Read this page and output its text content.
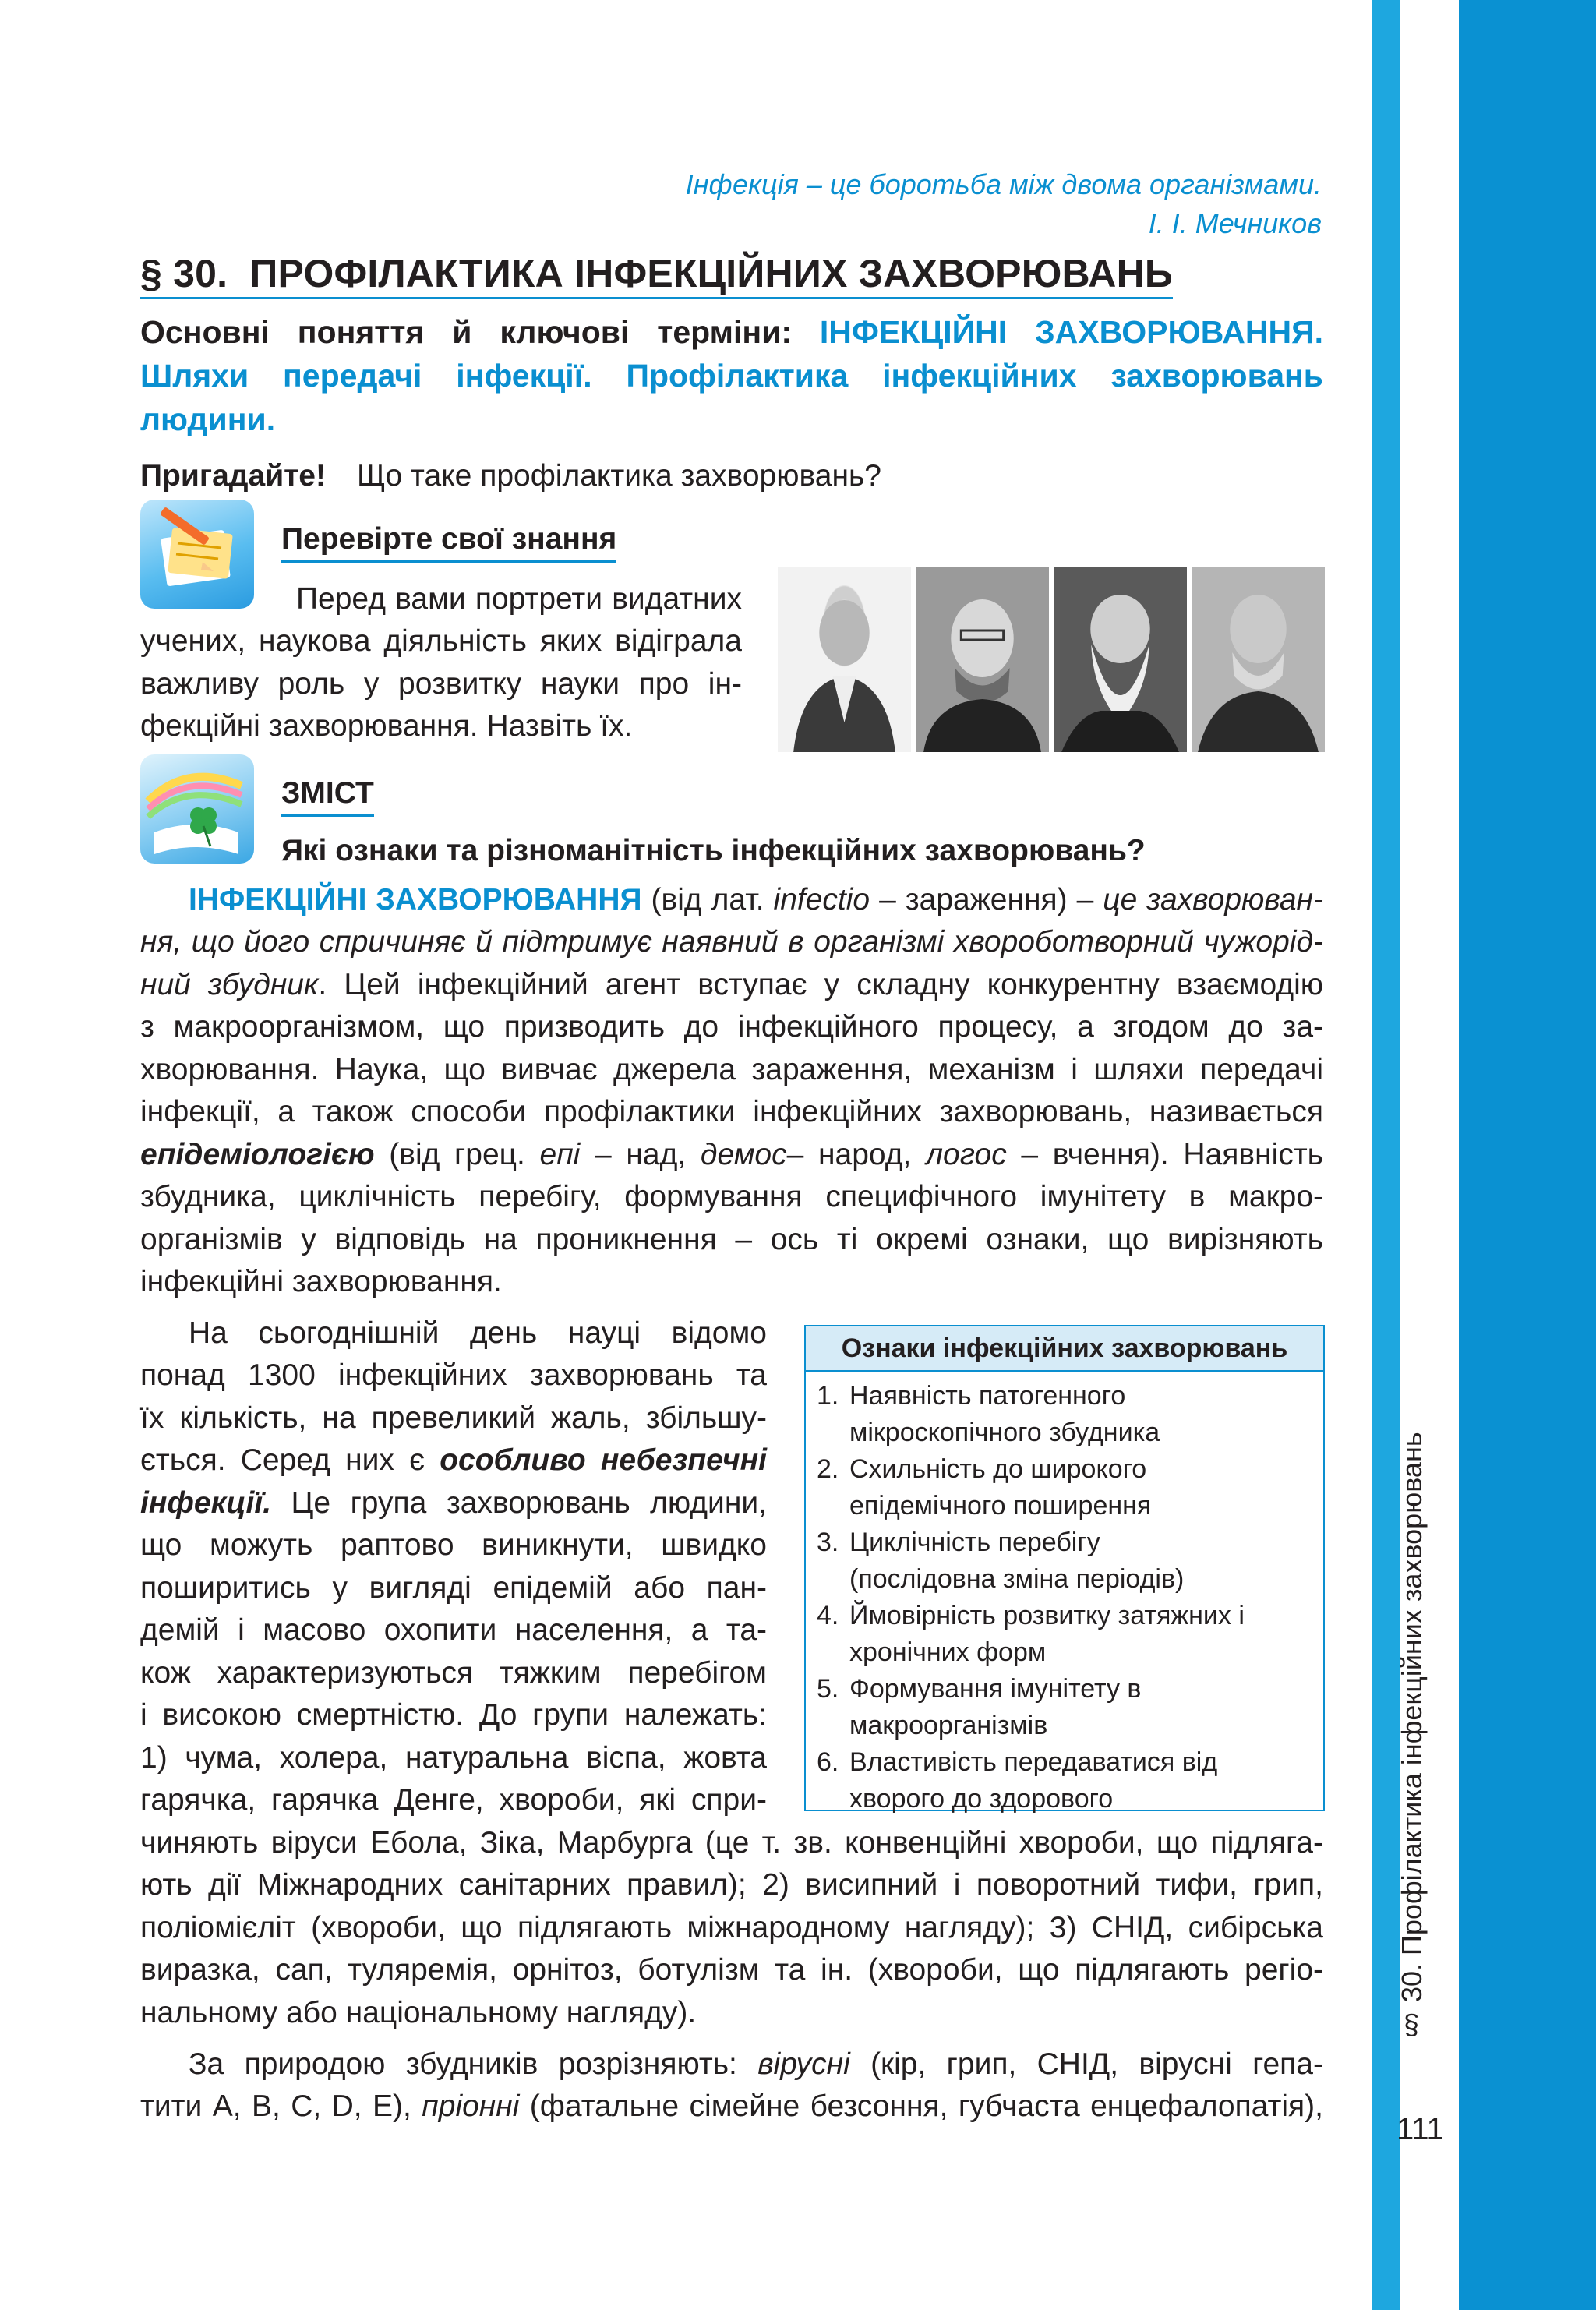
§ 30. Профілактика інфекційних захворювань
111
Інфекція – це боротьба між двома організмами.
І. І. Мечников
§ 30. ПРОФІЛАКТИКА ІНФЕКЦІЙНИХ ЗАХВОРЮВАНЬ
Основні поняття й ключові терміни: ІНФЕКЦІЙНІ ЗАХВОРЮВАННЯ. Шляхи передачі інфекції. Профілактика інфекційних захворювань людини.
Пригадайте! Що таке профілактика захворювань?
Перевірте свої знання
Перед вами портрети видатних
учених, наукова діяльність яких відіграла
важливу роль у розвитку науки про ін-
фекційні захворювання. Назвіть їх.
ЗМІСТ
Які ознаки та різноманітність інфекційних захворювань?
ІНФЕКЦІЙНІ ЗАХВОРЮВАННЯ (від лат. infectio – зараження) – це захворюван-
ня, що його спричиняє й підтримує наявний в організмі хвороботворний чужорід-
ний збудник. Цей інфекційний агент вступає у складну конкурентну взаємодію
з макроорганізмом, що призводить до інфекційного процесу, а згодом до за-
хворювання. Наука, що вивчає джерела зараження, механізм і шляхи передачі
інфекції, а також способи профілактики інфекційних захворювань, називається
епідеміологією (від грец. епі – над, демос– народ, логос – вчення). Наявність
збудника, циклічність перебігу, формування специфічного імунітету в макро-
організмів у відповідь на проникнення – ось ті окремі ознаки, що вирізняють
інфекційні захворювання.
На сьогоднішній день науці відомо
понад 1300 інфекційних захворювань та
їх кількість, на превеликий жаль, збільшу-
ється. Серед них є особливо небезпечні
інфекції. Це група захворювань людини,
що можуть раптово виникнути, швидко
поширитись у вигляді епідемій або пан-
демій і масово охопити населення, а та-
кож характеризуються тяжким перебігом
і високою смертністю. До групи належать:
1) чума, холера, натуральна віспа, жовта
гарячка, гарячка Денге, хвороби, які спри-
чиняють віруси Ебола, Зіка, Марбурга (це т. зв. конвенційні хвороби, що підляга-
ють дії Міжнародних санітарних правил); 2) висипний і поворотний тифи, грип,
поліомієліт (хвороби, що підлягають міжнародному нагляду); 3) СНІД, сибірська
виразка, сап, туляремія, орнітоз, ботулізм та ін. (хвороби, що підлягають регіо-
нальному або національному нагляду).
За природою збудників розрізняють: вірусні (кір, грип, СНІД, вірусні гепа-
тити A, B, C, D, E), пріонні (фатальне сімейне безсоння, губчаста енцефалопатія),
Ознаки інфекційних захворювань
1. Наявність патогенного
мікроскопічного збудника
2. Схильність до широкого
епідемічного поширення
3. Циклічність перебігу
(послідовна зміна періодів)
4. Ймовірність розвитку затяжних і
хронічних форм
5. Формування імунітету в
макроорганізмів
6. Властивість передаватися від
хворого до здорового
